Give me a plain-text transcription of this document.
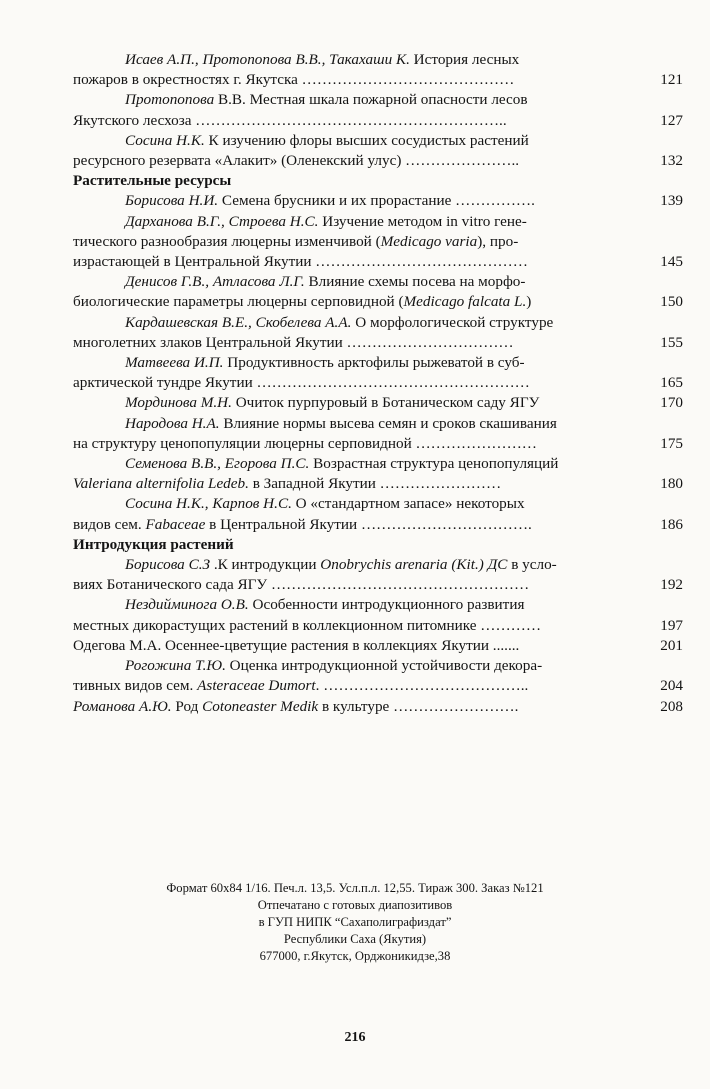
Исаев А.П., Протопопова В.В., Такахаши К. История лесных
пожаров в окрестностях г. Якутска ……………………………………	121
Протопопова В.В. Местная шкала пожарной опасности лесов
Якутского лесхоза ……………………………………………………..	127
Сосина Н.К. К изучению флоры высших сосудистых растений
ресурсного резервата «Алакит» (Оленекский улус) …………………..	132
Растительные ресурсы
Борисова Н.И. Семена брусники и их прорастание …………….	139
Дарханова В.Г., Строева Н.С. Изучение методом in vitro гене-
тического разнообразия люцерны изменчивой (Medicago varia), про-
израстающей в Центральной Якутии ……………………………………	145
Денисов Г.В., Атласова Л.Г. Влияние схемы посева на морфо-
биологические параметры люцерны серповидной (Medicago falcata L.)	150
Кардашевская В.Е., Скобелева А.А. О морфологической структуре
многолетних злаков Центральной Якутии ……………………………	155
Матвеева И.П. Продуктивность арктофилы рыжеватой в суб-
арктической тундре Якутии ………………………………………………	165
Мординова М.Н. Очиток пурпуровый в Ботаническом саду ЯГУ	170
Народова Н.А. Влияние нормы высева семян и сроков скашивания
на структуру ценопопуляции люцерны серповидной ……………………	175
Семенова В.В., Егорова П.С. Возрастная структура ценопопуляций
Valeriana alternifolia Ledeb. в Западной Якутии ……………………	180
Сосина Н.К., Карпов Н.С. О «стандартном запасе» некоторых
видов сем. Fabaceae в Центральной Якутии …………………………….	186
Интродукция растений
Борисова С.З .К интродукции Onobrychis arenaria (Kit.) ДС в усло-
виях Ботанического сада ЯГУ ……………………………………………	192
Нездийминога О.В. Особенности интродукционного развития
местных дикорастущих растений в коллекционном питомнике …………	197
Одегова М.А. Осеннее-цветущие растения в коллекциях Якутии .......	201
Рогожина Т.Ю. Оценка интродукционной устойчивости декора-
тивных видов сем. Asteraceae Dumort. …………………………………..	204
Романова А.Ю. Род Cotoneaster Medik в культуре …………………….	208
Формат 60х84 1/16. Печ.л. 13,5. Усл.п.л. 12,55. Тираж 300. Заказ №121
Отпечатано с готовых диапозитивов
в ГУП НИПК “Сахаполиграфиздат”
Республики Саха (Якутия)
677000, г.Якутск, Орджоникидзе,38
216
